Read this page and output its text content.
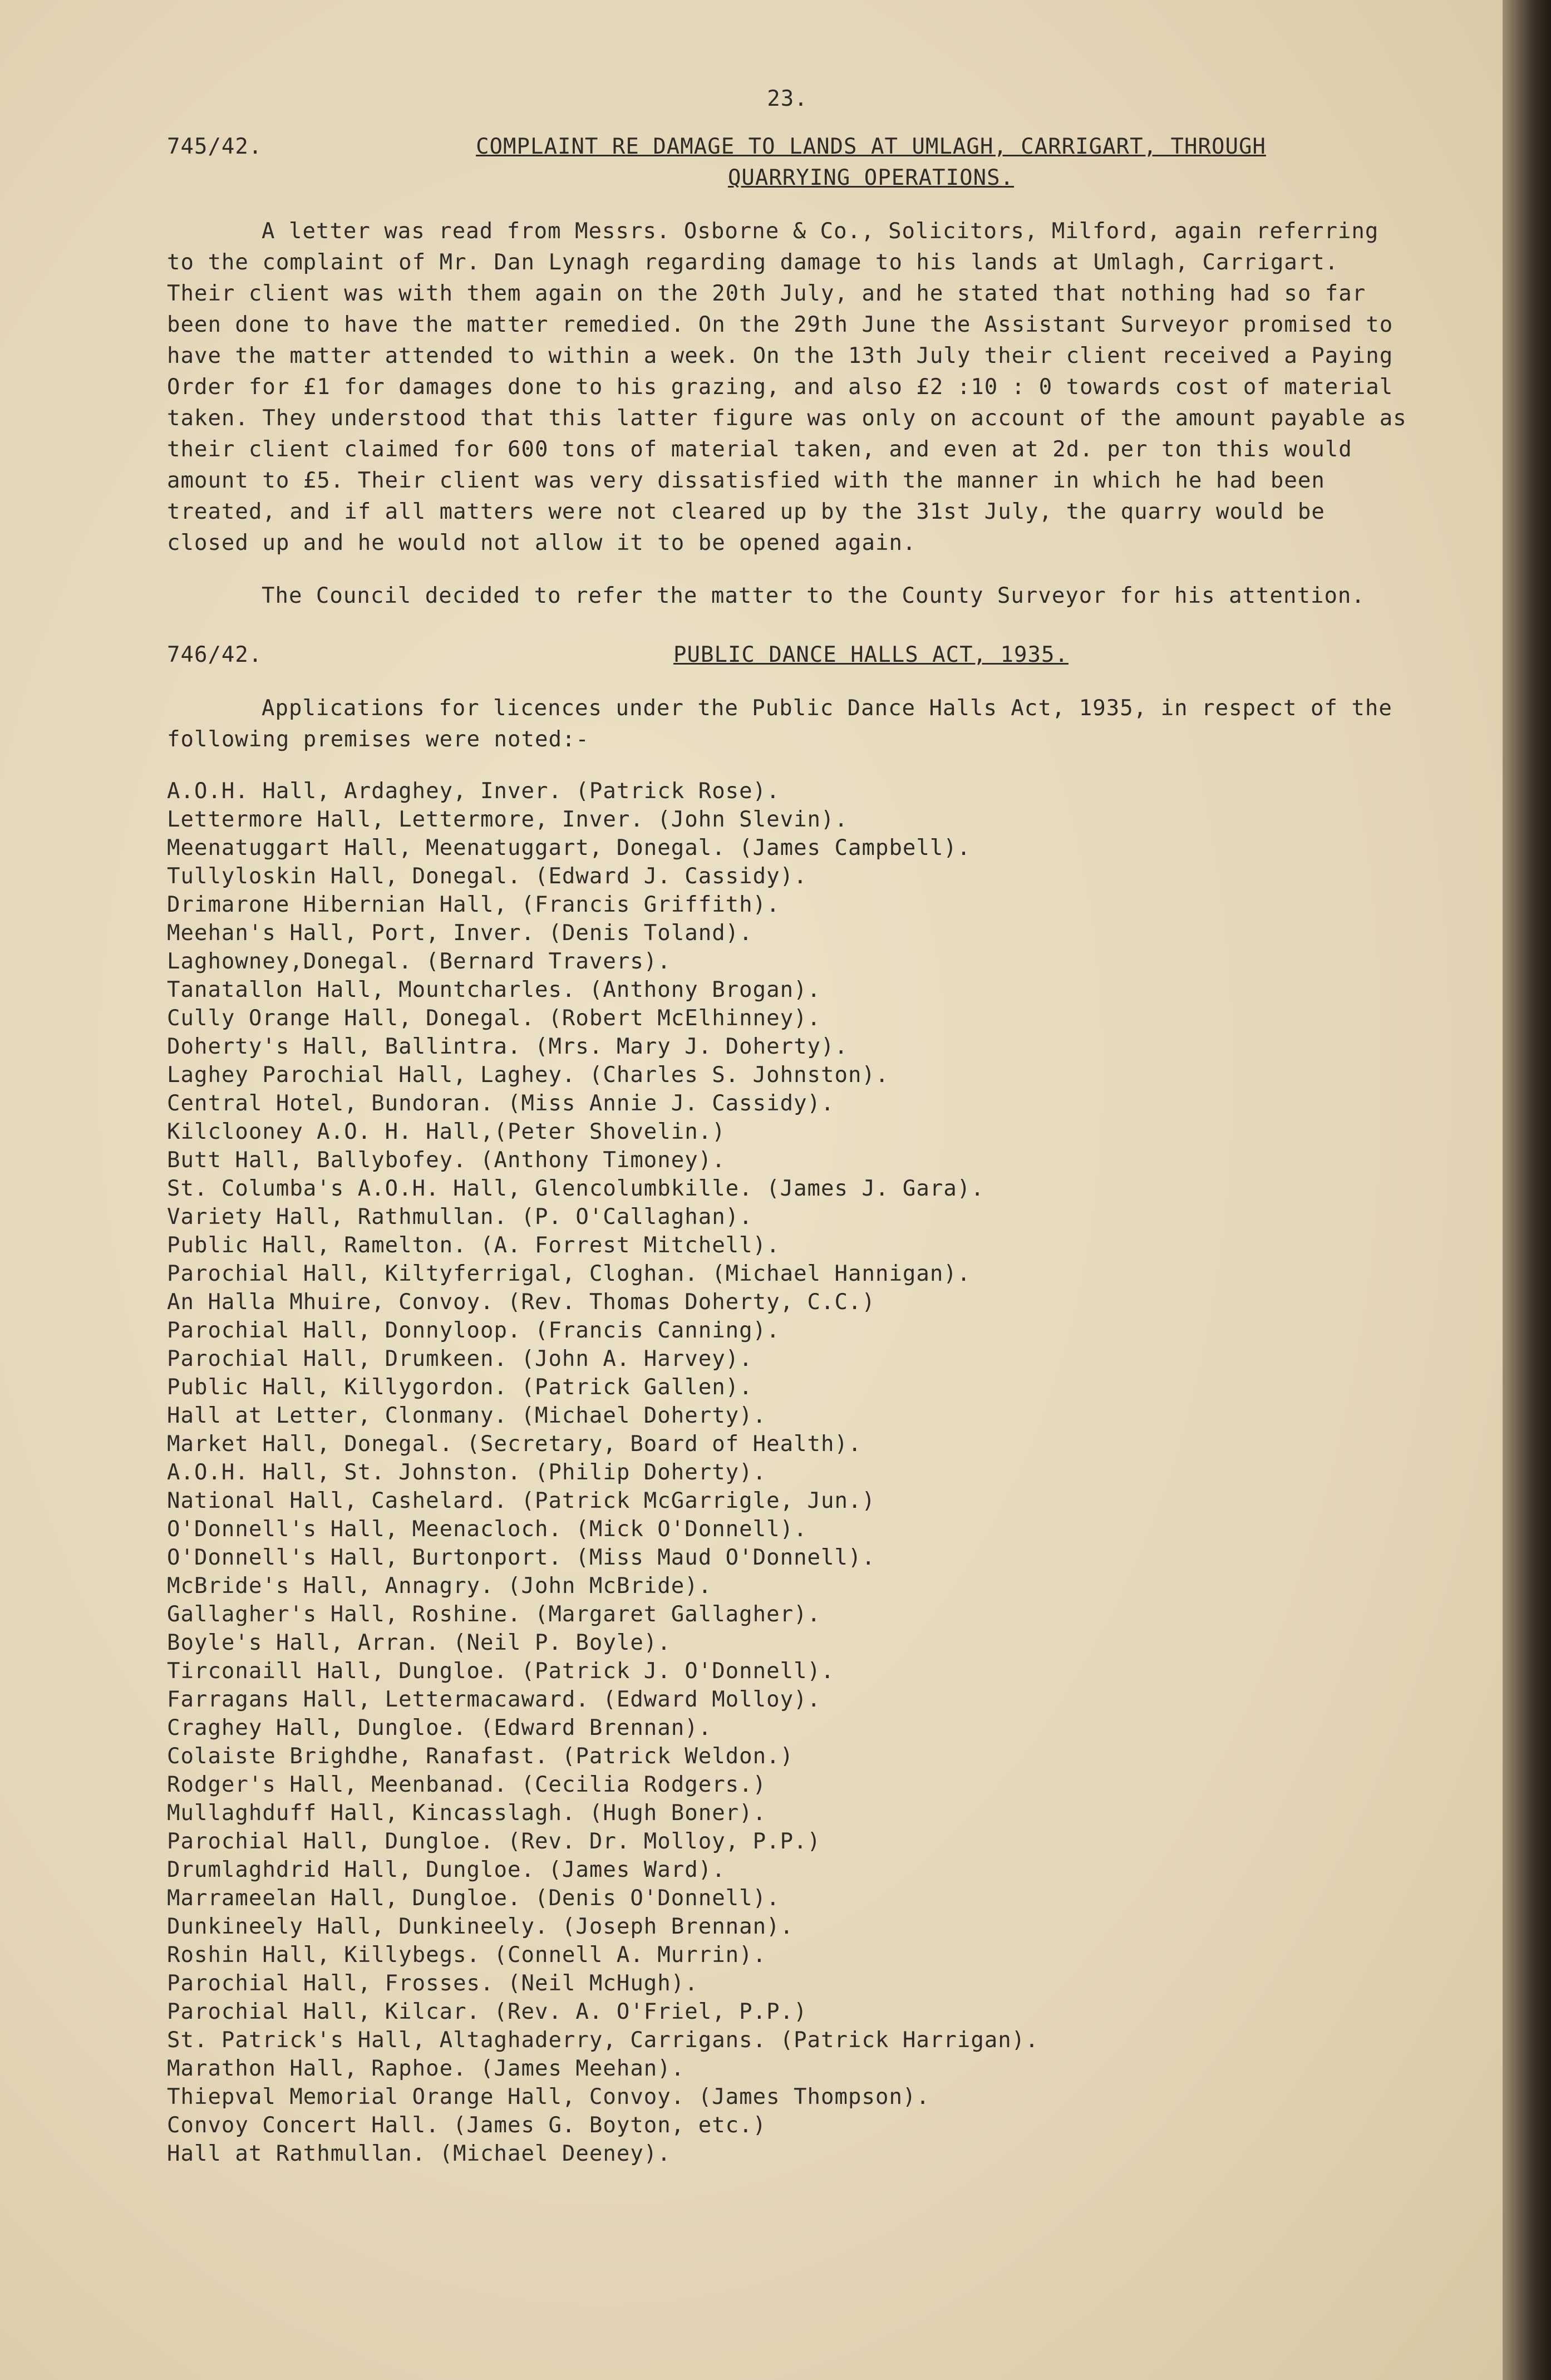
23.
745/42.	COMPLAINT RE DAMAGE TO LANDS AT UMLAGH, CARRIGART, THROUGH
QUARRYING OPERATIONS.

A letter was read from Messrs. Osborne & Co., Solicitors, Milford, again referring to the complaint of Mr. Dan Lynagh regarding damage to his lands at Umlagh, Carrigart. Their client was with them again on the 20th July, and he stated that nothing had so far been done to have the matter remedied. On the 29th June the Assistant Surveyor promised to have the matter attended to within a week. On the 13th July their client received a Paying Order for £1 for damages done to his grazing, and also £2 :10 : 0 towards cost of material taken. They understood that this latter figure was only on account of the amount payable as their client claimed for 600 tons of material taken, and even at 2d. per ton this would amount to £5. Their client was very dissatisfied with the manner in which he had been treated, and if all matters were not cleared up by the 31st July, the quarry would be closed up and he would not allow it to be opened again.

The Council decided to refer the matter to the County Surveyor for his attention.

746/42.	PUBLIC DANCE HALLS ACT, 1935.

Applications for licences under the Public Dance Halls Act, 1935, in respect of the following premises were noted:-

A.O.H. Hall, Ardaghey, Inver. (Patrick Rose).
Lettermore Hall, Lettermore, Inver. (John Slevin).
Meenatuggart Hall, Meenatuggart, Donegal. (James Campbell).
Tullyloskin Hall, Donegal. (Edward J. Cassidy).
Drimarone Hibernian Hall, (Francis Griffith).
Meehan's Hall, Port, Inver. (Denis Toland).
Laghowney,Donegal. (Bernard Travers).
Tanatallon Hall, Mountcharles. (Anthony Brogan).
Cully Orange Hall, Donegal. (Robert McElhinney).
Doherty's Hall, Ballintra. (Mrs. Mary J. Doherty).
Laghey Parochial Hall, Laghey. (Charles S. Johnston).
Central Hotel, Bundoran. (Miss Annie J. Cassidy).
Kilclooney A.O. H. Hall,(Peter Shovelin.)
Butt Hall, Ballybofey. (Anthony Timoney).
St. Columba's A.O.H. Hall, Glencolumbkille. (James J. Gara).
Variety Hall, Rathmullan. (P. O'Callaghan).
Public Hall, Ramelton. (A. Forrest Mitchell).
Parochial Hall, Kiltyferrigal, Cloghan. (Michael Hannigan).
An Halla Mhuire, Convoy. (Rev. Thomas Doherty, C.C.)
Parochial Hall, Donnyloop. (Francis Canning).
Parochial Hall, Drumkeen. (John A. Harvey).
Public Hall, Killygordon. (Patrick Gallen).
Hall at Letter, Clonmany. (Michael Doherty).
Market Hall, Donegal. (Secretary, Board of Health).
A.O.H. Hall, St. Johnston. (Philip Doherty).
National Hall, Cashelard. (Patrick McGarrigle, Jun.)
O'Donnell's Hall, Meenacloch. (Mick O'Donnell).
O'Donnell's Hall, Burtonport. (Miss Maud O'Donnell).
McBride's Hall, Annagry. (John McBride).
Gallagher's Hall, Roshine. (Margaret Gallagher).
Boyle's Hall, Arran. (Neil P. Boyle).
Tirconaill Hall, Dungloe. (Patrick J. O'Donnell).
Farragans Hall, Lettermacaward. (Edward Molloy).
Craghey Hall, Dungloe. (Edward Brennan).
Colaiste Brighdhe, Ranafast. (Patrick Weldon.)
Rodger's Hall, Meenbanad. (Cecilia Rodgers.)
Mullaghduff Hall, Kincasslagh. (Hugh Boner).
Parochial Hall, Dungloe. (Rev. Dr. Molloy, P.P.)
Drumlaghdrid Hall, Dungloe. (James Ward).
Marrameelan Hall, Dungloe. (Denis O'Donnell).
Dunkineely Hall, Dunkineely. (Joseph Brennan).
Roshin Hall, Killybegs. (Connell A. Murrin).
Parochial Hall, Frosses. (Neil McHugh).
Parochial Hall, Kilcar. (Rev. A. O'Friel, P.P.)
St. Patrick's Hall, Altaghaderry, Carrigans. (Patrick Harrigan).
Marathon Hall, Raphoe. (James Meehan).
Thiepval Memorial Orange Hall, Convoy. (James Thompson).
Convoy Concert Hall. (James G. Boyton, etc.)
Hall at Rathmullan. (Michael Deeney).
